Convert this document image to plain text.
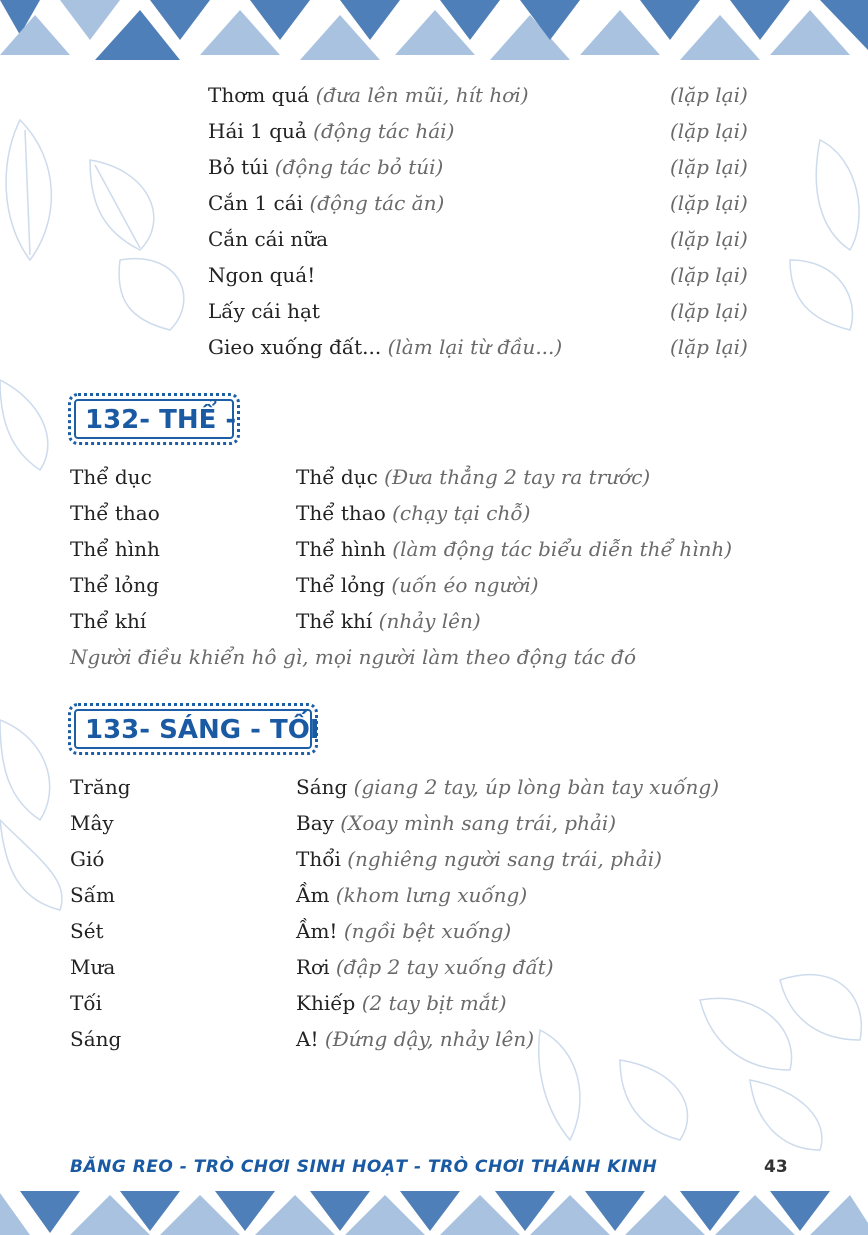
Thơm quá (đưa lên mũi, hít hơi)	(lặp lại)
Hái 1 quả (động tác hái)	(lặp lại)
Bỏ túi (động tác bỏ túi)	(lặp lại)
Cắn 1 cái (động tác ăn)	(lặp lại)
Cắn cái nữa	(lặp lại)
Ngon quá!	(lặp lại)
Lấy cái hạt	(lặp lại)
Gieo xuống đất... (làm lại từ đầu...)	(lặp lại)
132- THỂ -
Thể dục	Thể dục (Đưa thẳng 2 tay ra trước)
Thể thao	Thể thao (chạy tại chỗ)
Thể hình	Thể hình (làm động tác biểu diễn thể hình)
Thể lỏng	Thể lỏng (uốn éo người)
Thể khí	Thể khí (nhảy lên)
Người điều khiển hô gì, mọi người làm theo động tác đó
133- SÁNG - TỐI
Trăng	Sáng (giang 2 tay, úp lòng bàn tay xuống)
Mây	Bay (Xoay mình sang trái, phải)
Gió	Thổi (nghiêng người sang trái, phải)
Sấm	Ầm (khom lưng xuống)
Sét	Ầm! (ngồi bệt xuống)
Mưa	Rơi (đập 2 tay xuống đất)
Tối	Khiếp (2 tay bịt mắt)
Sáng	A! (Đứng dậy, nhảy lên)
BĂNG REO - TRÒ CHƠI SINH HOẠT - TRÒ CHƠI THÁNH KINH	43
